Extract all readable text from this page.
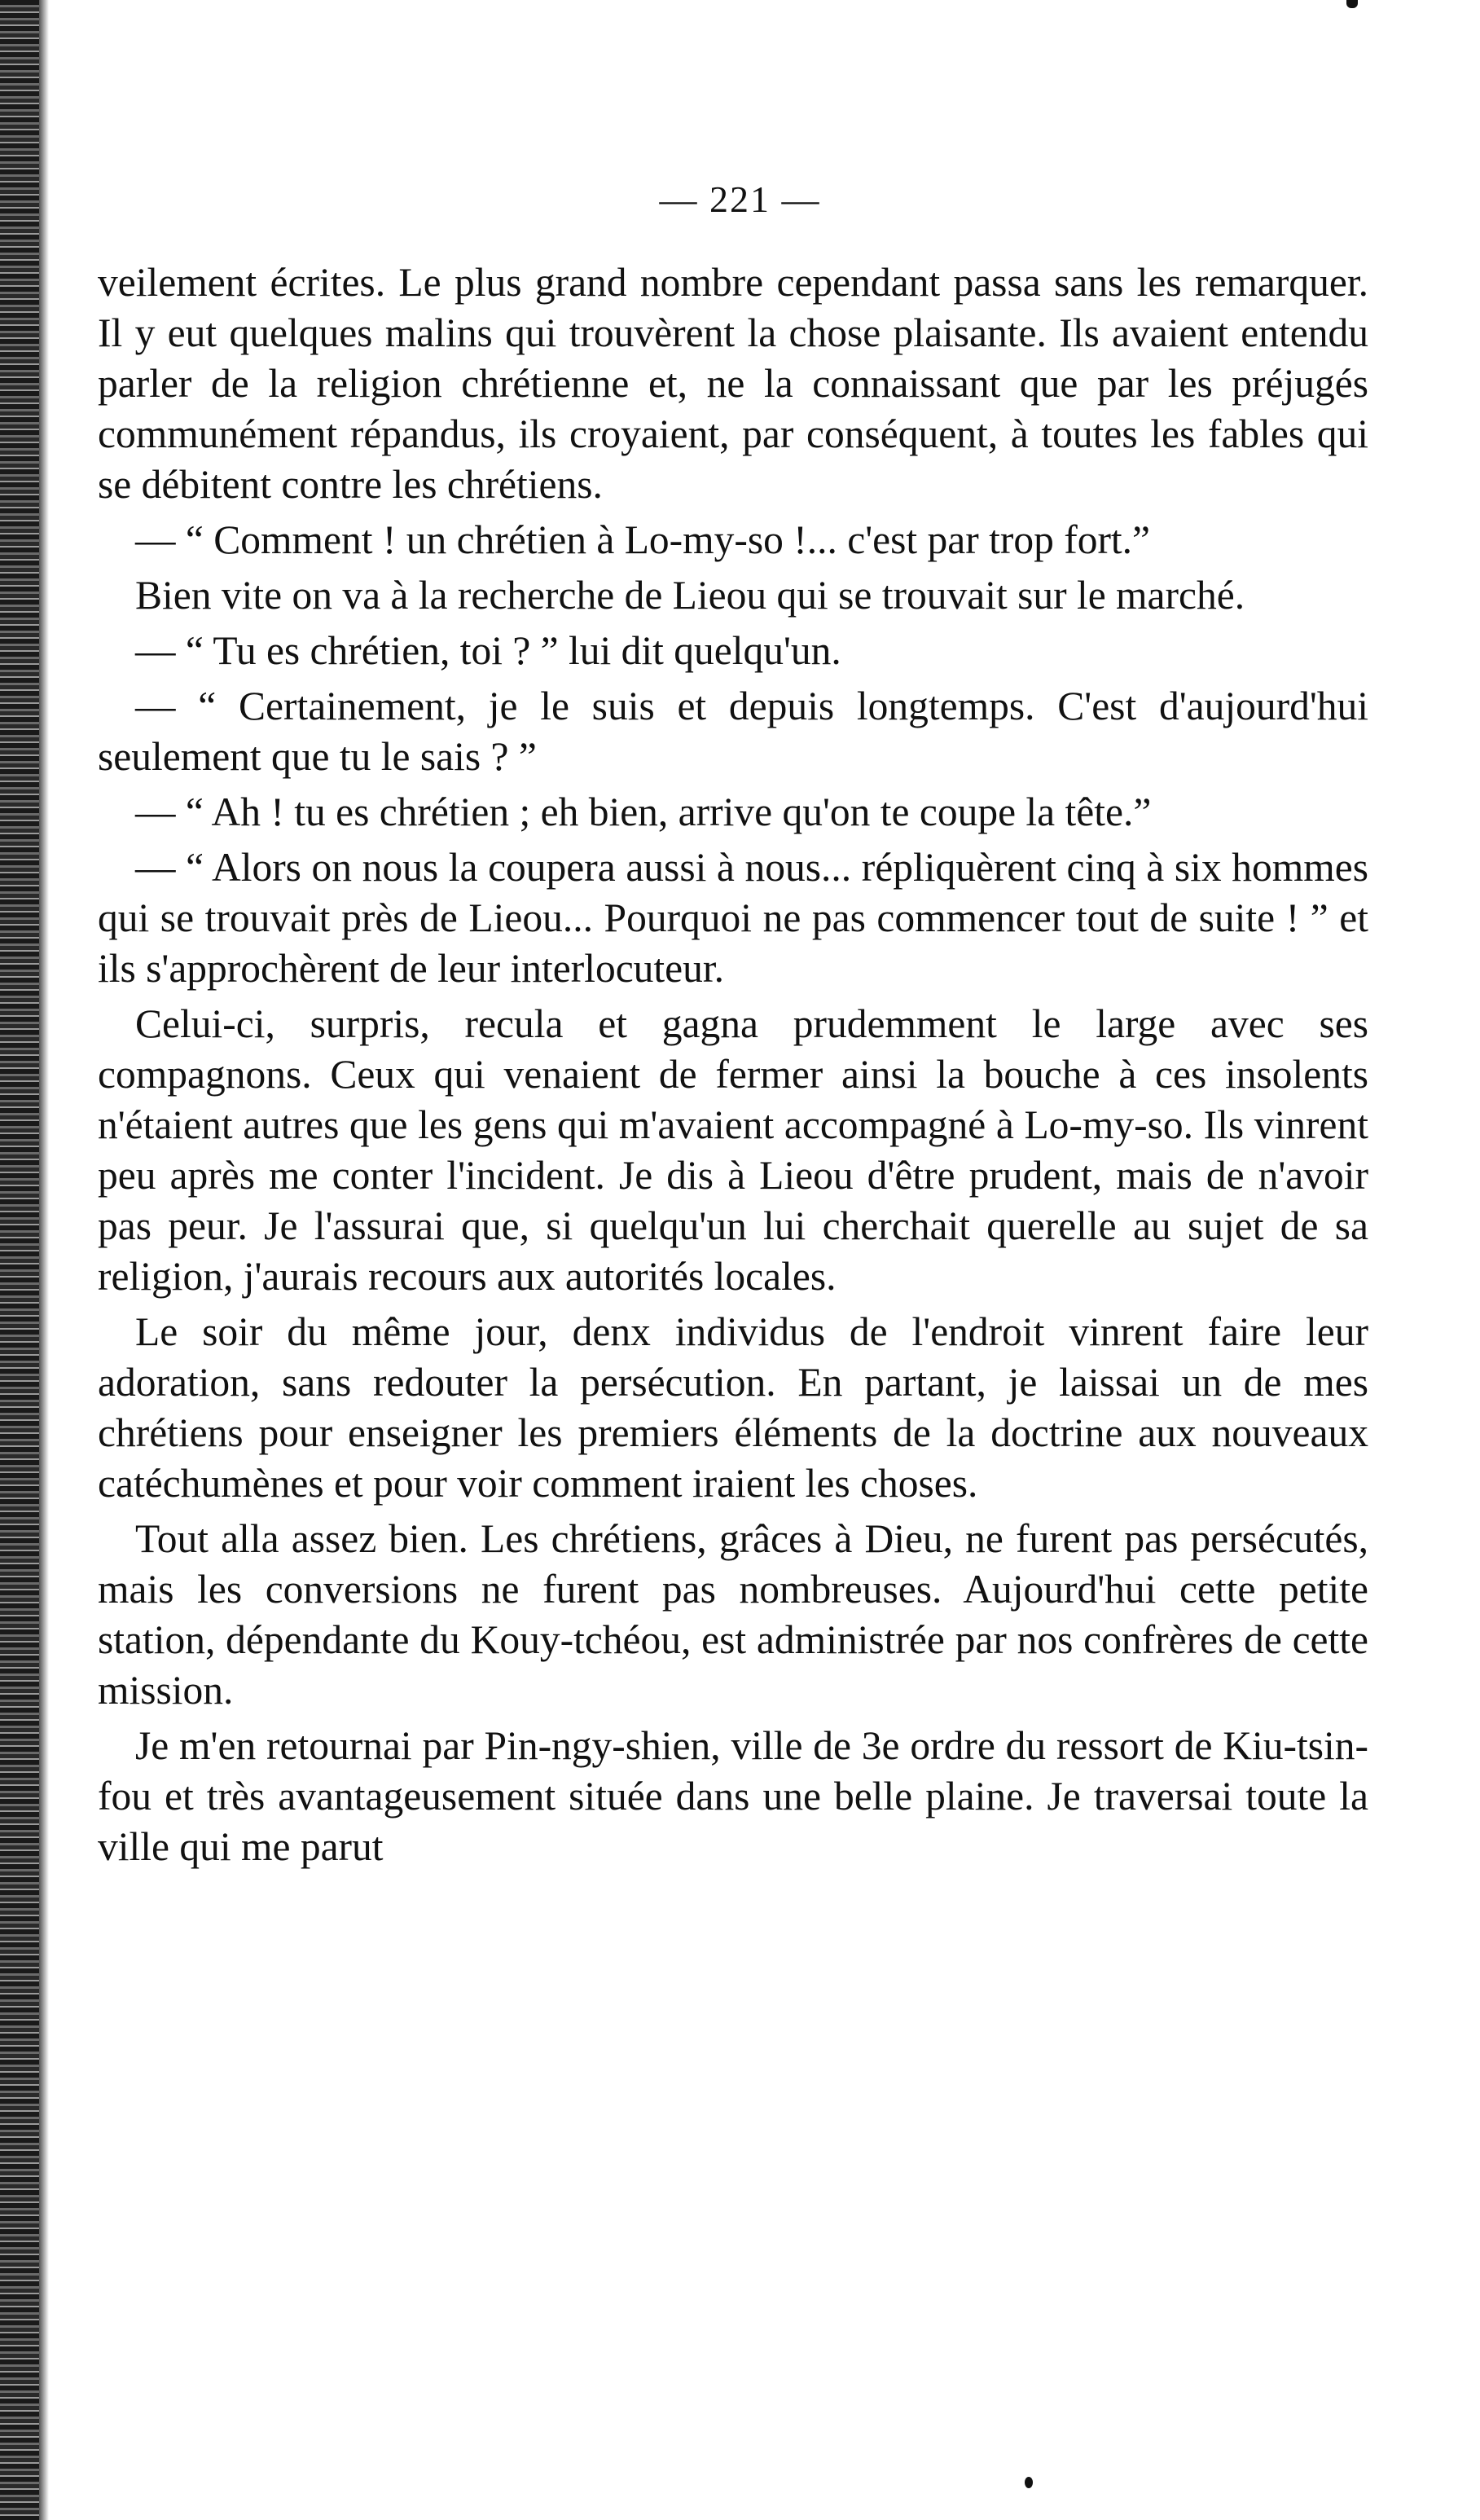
— 221 —

veilement écrites. Le plus grand nombre cependant passa sans les remarquer. Il y eut quelques malins qui trouvèrent la chose plaisante. Ils avaient entendu parler de la religion chrétienne et, ne la connaissant que par les préjugés communément répandus, ils croyaient, par conséquent, à toutes les fables qui se débitent contre les chrétiens.

— “ Comment ! un chrétien à Lo-my-so !... c'est par trop fort.”

Bien vite on va à la recherche de Lieou qui se trouvait sur le marché.

— “ Tu es chrétien, toi ? ” lui dit quelqu'un.

— “ Certainement, je le suis et depuis longtemps. C'est d'aujourd'hui seulement que tu le sais ? ”

— “ Ah ! tu es chrétien ; eh bien, arrive qu'on te coupe la tête.”

— “ Alors on nous la coupera aussi à nous... répliquèrent cinq à six hommes qui se trouvait près de Lieou... Pourquoi ne pas commencer tout de suite ! ” et ils s'approchèrent de leur interlocuteur.

Celui-ci, surpris, recula et gagna prudemment le large avec ses compagnons. Ceux qui venaient de fermer ainsi la bouche à ces insolents n'étaient autres que les gens qui m'avaient accompagné à Lo-my-so. Ils vinrent peu après me conter l'incident. Je dis à Lieou d'être prudent, mais de n'avoir pas peur. Je l'assurai que, si quelqu'un lui cherchait querelle au sujet de sa religion, j'aurais recours aux autorités locales.

Le soir du même jour, denx individus de l'endroit vinrent faire leur adoration, sans redouter la persécution. En partant, je laissai un de mes chrétiens pour enseigner les premiers éléments de la doctrine aux nouveaux catéchumènes et pour voir comment iraient les choses.

Tout alla assez bien. Les chrétiens, grâces à Dieu, ne furent pas persécutés, mais les conversions ne furent pas nombreuses. Aujourd'hui cette petite station, dépendante du Kouy-tchéou, est administrée par nos confrères de cette mission.

Je m'en retournai par Pin-ngy-shien, ville de 3e ordre du ressort de Kiu-tsin-fou et très avantageusement située dans une belle plaine. Je traversai toute la ville qui me parut
